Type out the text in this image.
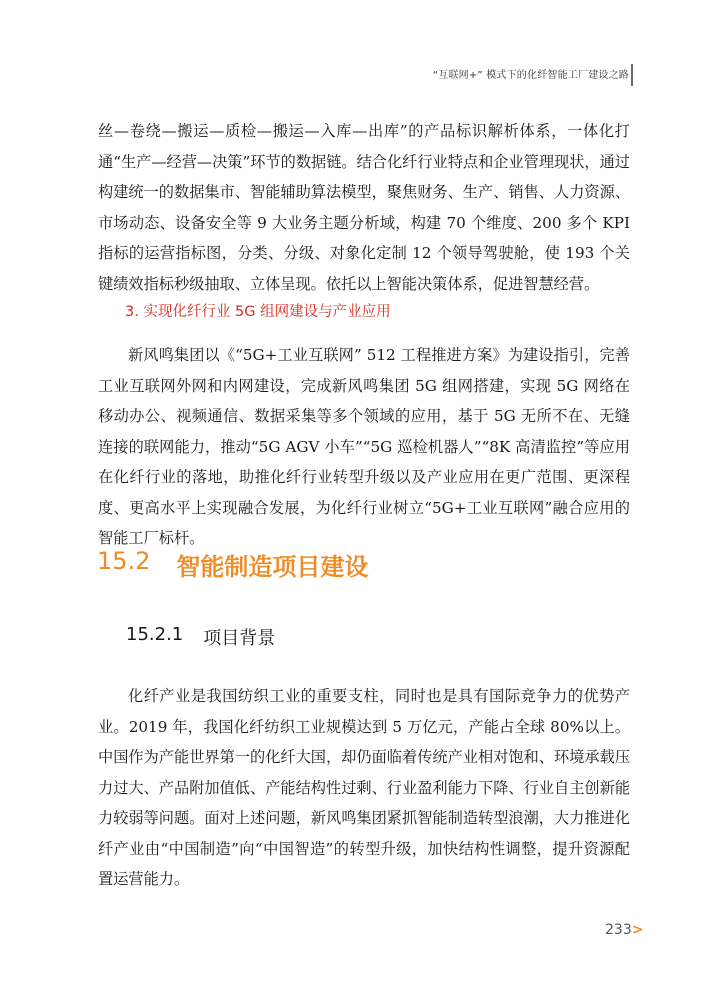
“互联网+” 模式下的化纤智能工厂建设之路

丝—卷绕—搬运—质检—搬运—入库—出库”的产品标识解析体系，一体化打通“生产—经营—决策”环节的数据链。结合化纤行业特点和企业管理现状，通过构建统一的数据集市、智能辅助算法模型，聚焦财务、生产、销售、人力资源、市场动态、设备安全等 9 大业务主题分析域，构建 70 个维度、200 多个 KPI 指标的运营指标图，分类、分级、对象化定制 12 个领导驾驶舱，使 193 个关键绩效指标秒级抽取、立体呈现。依托以上智能决策体系，促进智慧经营。

3. 实现化纤行业 5G 组网建设与产业应用

新风鸣集团以《“5G+工业互联网” 512 工程推进方案》为建设指引，完善工业互联网外网和内网建设，完成新风鸣集团 5G 组网搭建，实现 5G 网络在移动办公、视频通信、数据采集等多个领域的应用，基于 5G 无所不在、无缝连接的联网能力，推动“5G AGV 小车”“5G 巡检机器人”“8K 高清监控”等应用在化纤行业的落地，助推化纤行业转型升级以及产业应用在更广范围、更深程度、更高水平上实现融合发展，为化纤行业树立“5G+工业互联网”融合应用的智能工厂标杆。

15.2 智能制造项目建设
15.2.1 项目背景

化纤产业是我国纺织工业的重要支柱，同时也是具有国际竞争力的优势产业。2019 年，我国化纤纺织工业规模达到 5 万亿元，产能占全球 80%以上。中国作为产能世界第一的化纤大国，却仍面临着传统产业相对饱和、环境承载压力过大、产品附加值低、产能结构性过剩、行业盈利能力下降、行业自主创新能力较弱等问题。面对上述问题，新风鸣集团紧抓智能制造转型浪潮，大力推进化纤产业由“中国制造”向“中国智造”的转型升级，加快结构性调整，提升资源配置运营能力。

233>
